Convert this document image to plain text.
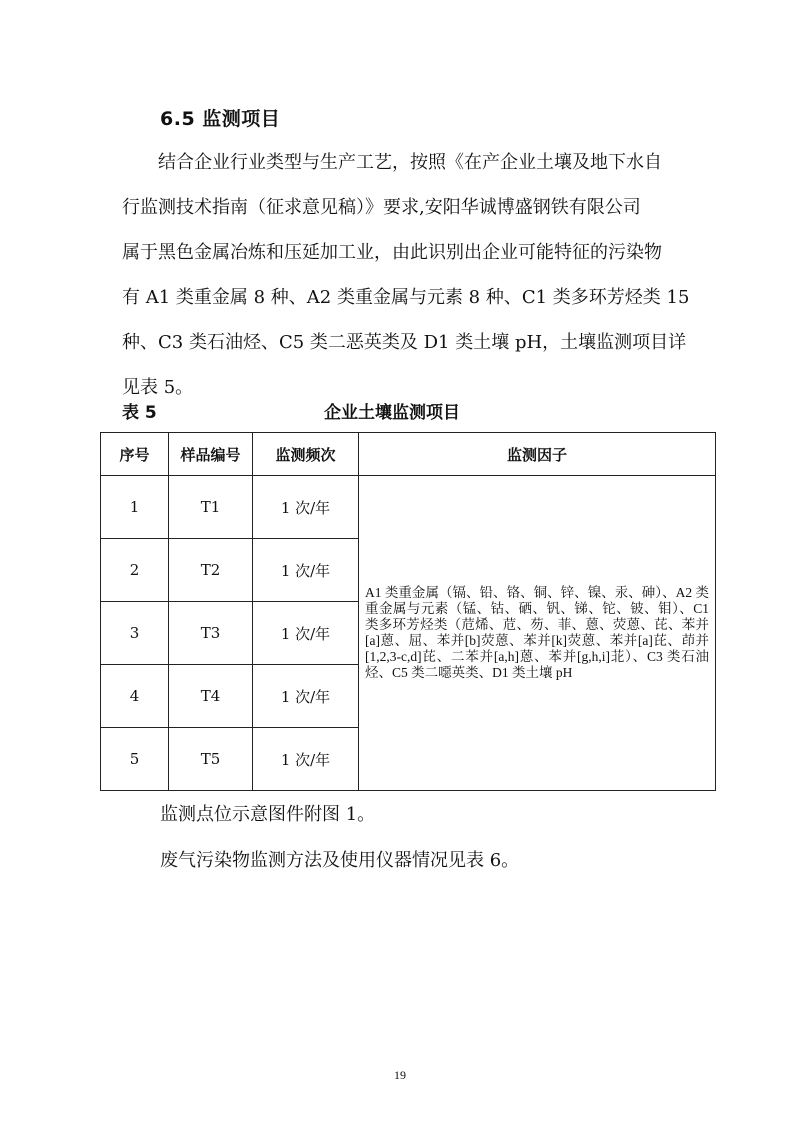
6.5 监测项目

结合企业行业类型与生产工艺，按照《在产企业土壤及地下水自

行监测技术指南（征求意见稿）》要求,安阳华诚博盛钢铁有限公司

属于黑色金属冶炼和压延加工业，由此识别出企业可能特征的污染物

有 A1 类重金属 8 种、A2 类重金属与元素 8 种、C1 类多环芳烃类 15

种、C3 类石油烃、C5 类二恶英类及 D1 类土壤 pH，土壤监测项目详

见表 5。

表 5	企业土壤监测项目
序号	样品编号	监测频次	监测因子
1	T1	1 次/年	A1 类重金属（镉、铅、铬、铜、锌、镍、汞、砷）、A2 类重金属与元素（锰、钴、硒、钒、锑、铊、铍、钼）、C1 类多环芳烃类（苊烯、苊、芴、菲、蒽、荧蒽、芘、苯并[a]蒽、屈、苯并[b]荧蒽、苯并[k]荧蒽、苯并[a]芘、茚并[1,2,3-c,d]芘、二苯并[a,h]蒽、苯并[g,h,i]苝）、C3 类石油烃、C5 类二噁英类、D1 类土壤 pH
2	T2	1 次/年	
3	T3	1 次/年	
4	T4	1 次/年	
5	T5	1 次/年	
监测点位示意图件附图 1。
废气污染物监测方法及使用仪器情况见表 6。
19
